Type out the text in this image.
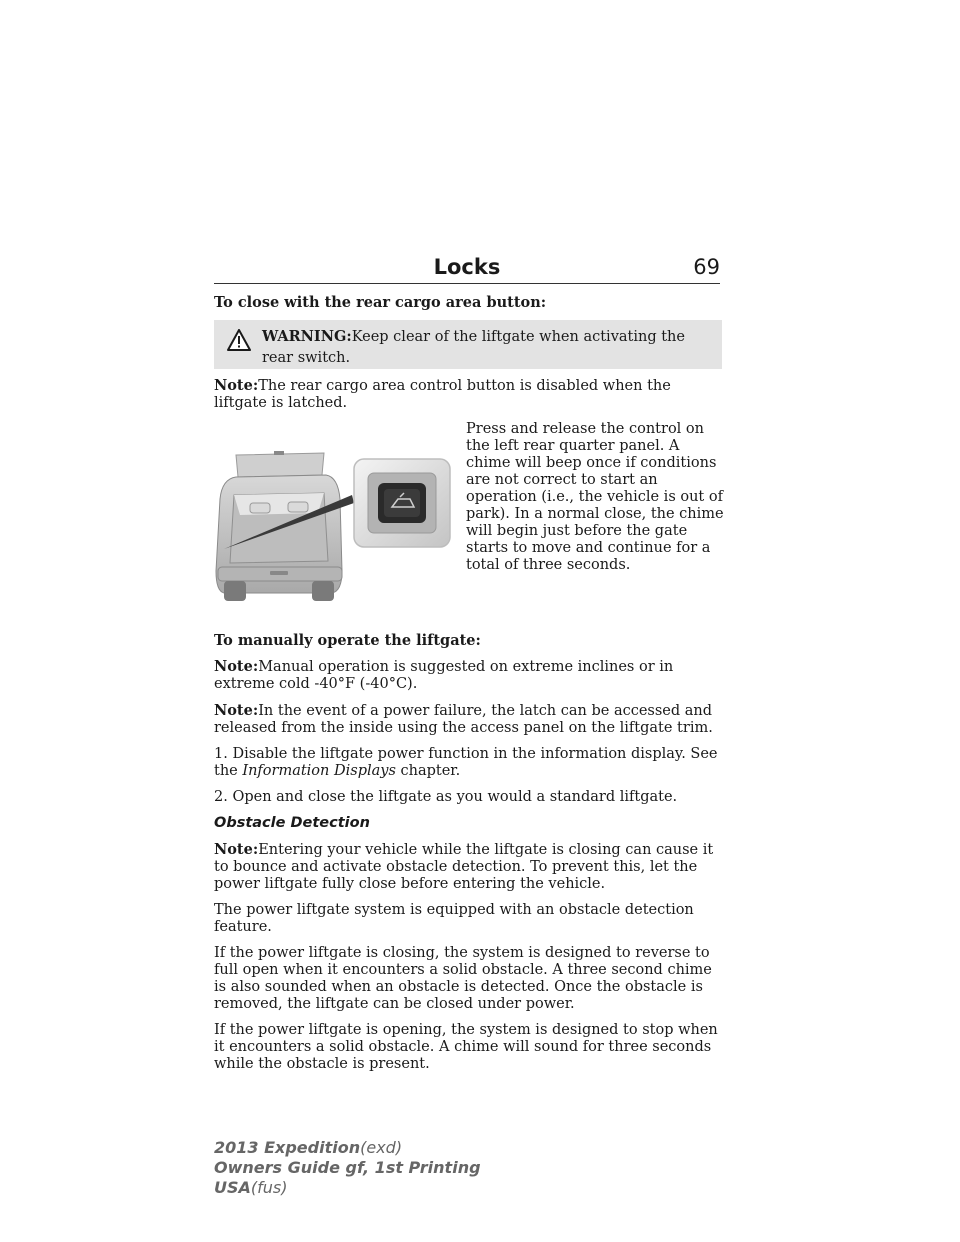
Locks	69

To close with the rear cargo area button:

WARNING:Keep clear of the liftgate when activating the rear switch.

Note:The rear cargo area control button is disabled when the liftgate is latched.

Press and release the control on the left rear quarter panel. A chime will beep once if conditions are not correct to start an operation (i.e., the vehicle is out of park). In a normal close, the chime will begin just before the gate starts to move and continue for a total of three seconds.

To manually operate the liftgate:

Note:Manual operation is suggested on extreme inclines or in extreme cold -40°F (-40°C).

Note:In the event of a power failure, the latch can be accessed and released from the inside using the access panel on the liftgate trim.

1. Disable the liftgate power function in the information display. See the Information Displays chapter.

2. Open and close the liftgate as you would a standard liftgate.

Obstacle Detection

Note:Entering your vehicle while the liftgate is closing can cause it to bounce and activate obstacle detection. To prevent this, let the power liftgate fully close before entering the vehicle.

The power liftgate system is equipped with an obstacle detection feature.

If the power liftgate is closing, the system is designed to reverse to full open when it encounters a solid obstacle. A three second chime is also sounded when an obstacle is detected. Once the obstacle is removed, the liftgate can be closed under power.

If the power liftgate is opening, the system is designed to stop when it encounters a solid obstacle. A chime will sound for three seconds while the obstacle is present.

2013 Expedition(exd)
Owners Guide gf, 1st Printing
USA(fus)
